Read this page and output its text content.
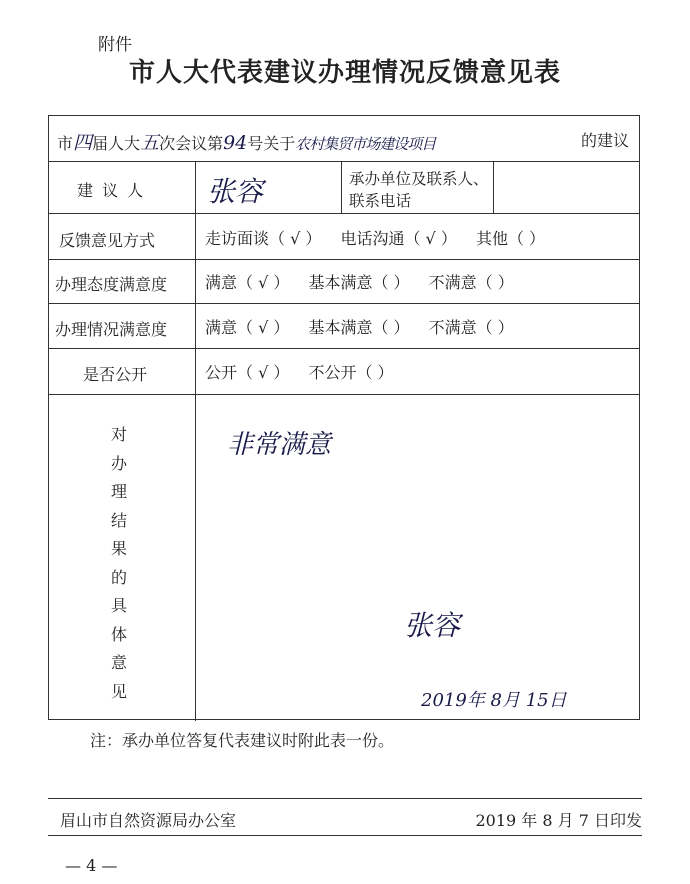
附件
市人大代表建议办理情况反馈意见表
市四届人大五次会议第94号关于农村集贸市场建设项目	的建议
建 议 人 张容	承办单位及联系人、联系电话
反馈意见方式	走访面谈（ √ ） 电话沟通（ √ ） 其他（ ）
办理态度满意度 满意（ √ ） 基本满意（ ） 不满意（ ）
办理情况满意度 满意（ √ ） 基本满意（ ） 不满意（ ）
是否公开	公开（ √ ） 不公开（ ）
对办理结果的具体意见
非常满意
张容
2019年 8月 15日
注：承办单位答复代表建议时附此表一份。
眉山市自然资源局办公室	2019 年 8 月 7 日印发
— 4 —
